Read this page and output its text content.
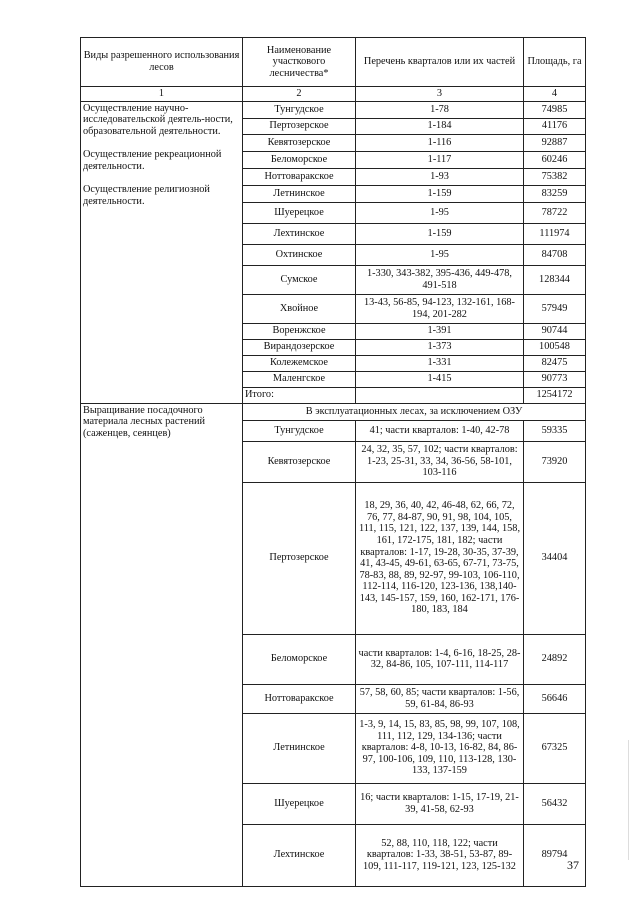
Виды разрешенного использования лесов	Наименование участкового лесничества*	Перечень кварталов или их частей	Площадь, га
1	2	3	4

Осуществление научно-исследовательской деятель-ности, образовательной деятельности.
Осуществление рекреационной деятельности.
Осуществление религиозной деятельности.	Тунгудское	1-78	74985
	Пертозерское	1-184	41176
	Кевятозерское	1-116	92887
	Беломорское	1-117	60246
	Ноттоваракское	1-93	75382
	Летнинское	1-159	83259
	Шуерецкое	1-95	78722
	Лехтинское	1-159	111974
	Охтинское	1-95	84708
	Сумское	1-330, 343-382, 395-436, 449-478, 491-518	128344
	Хвойное	13-43, 56-85, 94-123, 132-161, 168-194, 201-282	57949
	Воренжское	1-391	90744
	Вирандозерское	1-373	100548
	Колежемское	1-331	82475
	Маленгское	1-415	90773
	Итого:		1254172

Выращивание посадочного материала лесных растений (саженцев, сеянцев)	В эксплуатационных лесах, за исключением ОЗУ		
	Тунгудское	41; части кварталов: 1-40, 42-78	59335
	Кевятозерское	24, 32, 35, 57, 102; части кварталов: 1-23, 25-31, 33, 34, 36-56, 58-101, 103-116	73920
	Пертозерское	18, 29, 36, 40, 42, 46-48, 62, 66, 72, 76, 77, 84-87, 90, 91, 98, 104, 105, 111, 115, 121, 122, 137, 139, 144, 158, 161, 172-175, 181, 182; части кварталов: 1-17, 19-28, 30-35, 37-39, 41, 43-45, 49-61, 63-65, 67-71, 73-75, 78-83, 88, 89, 92-97, 99-103, 106-110, 112-114, 116-120, 123-136, 138,140-143, 145-157, 159, 160, 162-171, 176-180, 183, 184	34404
	Беломорское	части кварталов: 1-4, 6-16, 18-25, 28-32, 84-86, 105, 107-111, 114-117	24892
	Ноттоваракское	57, 58, 60, 85; части кварталов: 1-56, 59, 61-84, 86-93	56646
	Летнинское	1-3, 9, 14, 15, 83, 85, 98, 99, 107, 108, 111, 112, 129, 134-136; части кварталов: 4-8, 10-13, 16-82, 84, 86-97, 100-106, 109, 110, 113-128, 130-133, 137-159	67325
	Шуерецкое	16; части кварталов: 1-15, 17-19, 21-39, 41-58, 62-93	56432
	Лехтинское	52, 88, 110, 118, 122; части кварталов: 1-33, 38-51, 53-87, 89-109, 111-117, 119-121, 123, 125-132	89794
37
